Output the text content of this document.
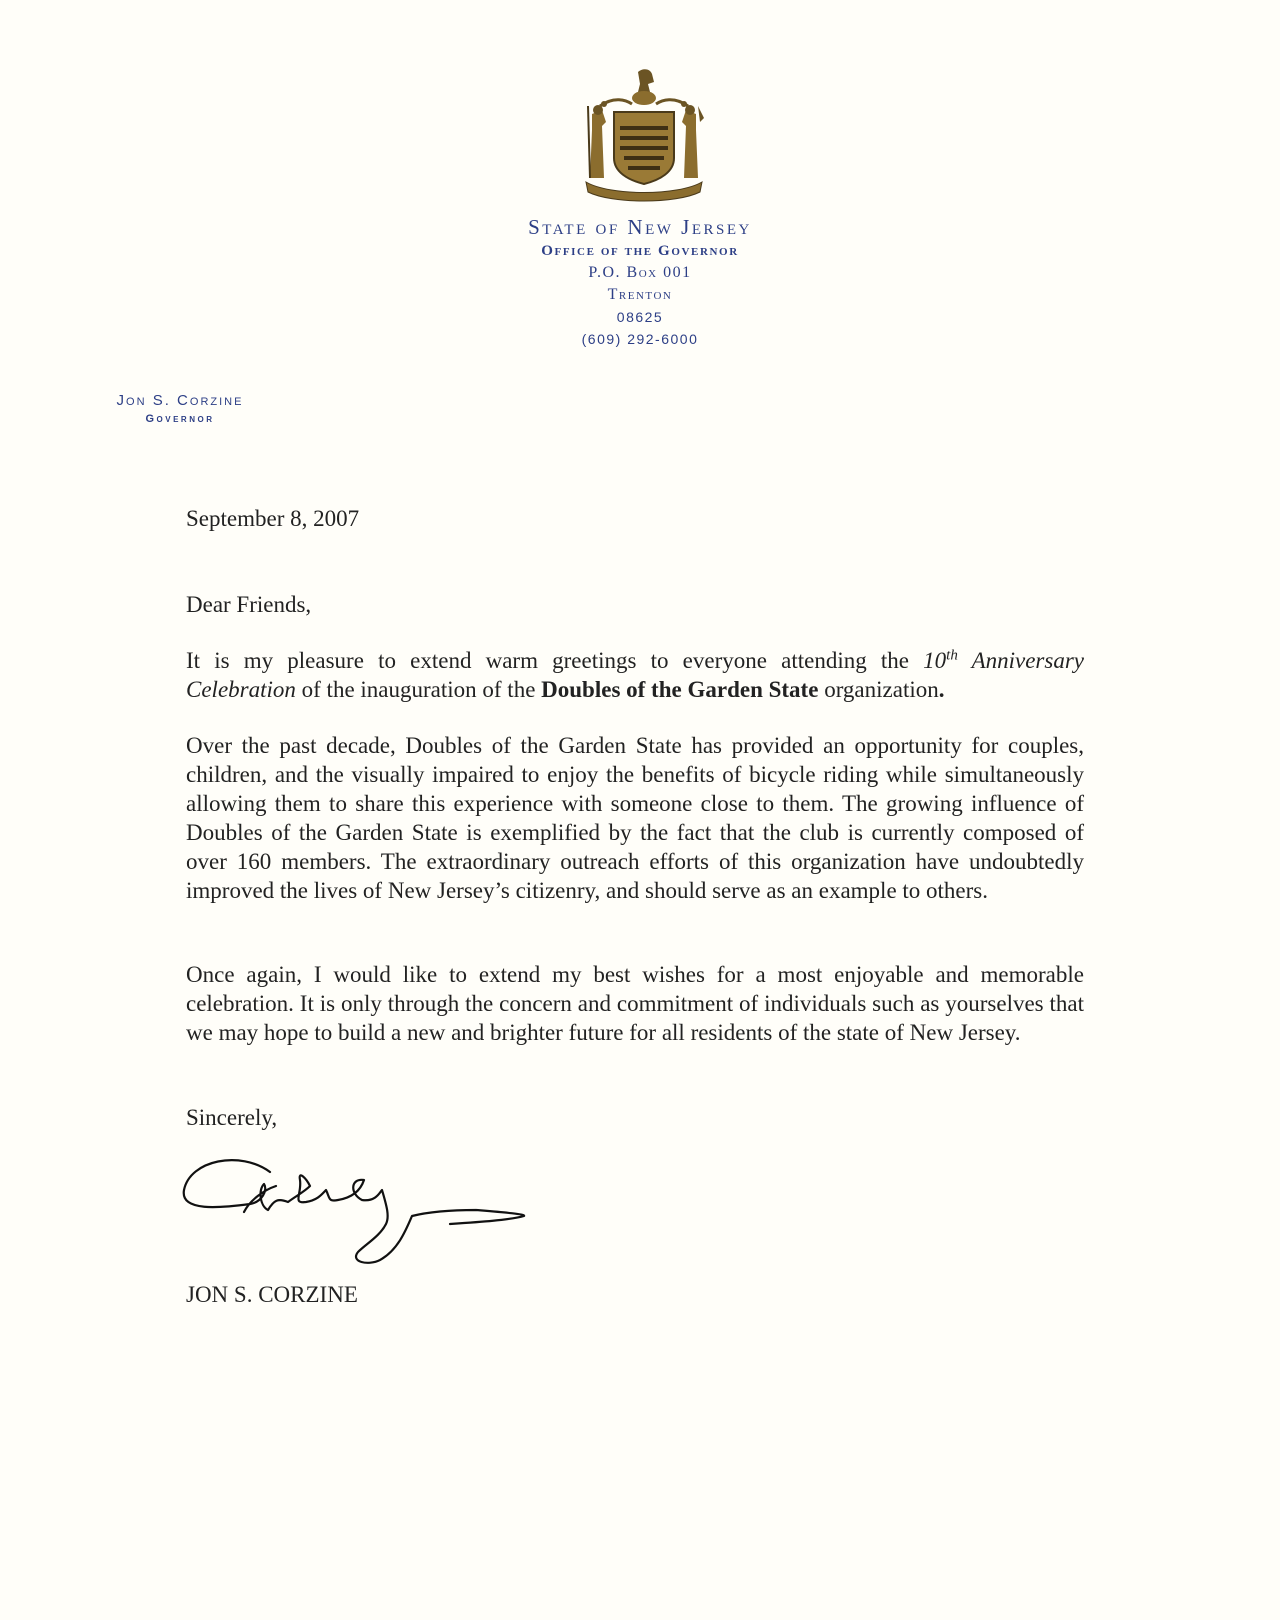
State of New Jersey
Office of the Governor
P.O. Box 001
Trenton
08625
(609) 292-6000
Jon S. Corzine
Governor
September 8, 2007
Dear Friends,
It is my pleasure to extend warm greetings to everyone attending the 10th Anniversary Celebration of the inauguration of the Doubles of the Garden State organization.
Over the past decade, Doubles of the Garden State has provided an opportunity for couples, children, and the visually impaired to enjoy the benefits of bicycle riding while simultaneously allowing them to share this experience with someone close to them. The growing influence of Doubles of the Garden State is exemplified by the fact that the club is currently composed of over 160 members. The extraordinary outreach efforts of this organization have undoubtedly improved the lives of New Jersey’s citizenry, and should serve as an example to others.
Once again, I would like to extend my best wishes for a most enjoyable and memorable celebration. It is only through the concern and commitment of individuals such as yourselves that we may hope to build a new and brighter future for all residents of the state of New Jersey.
Sincerely,
JON S. CORZINE
